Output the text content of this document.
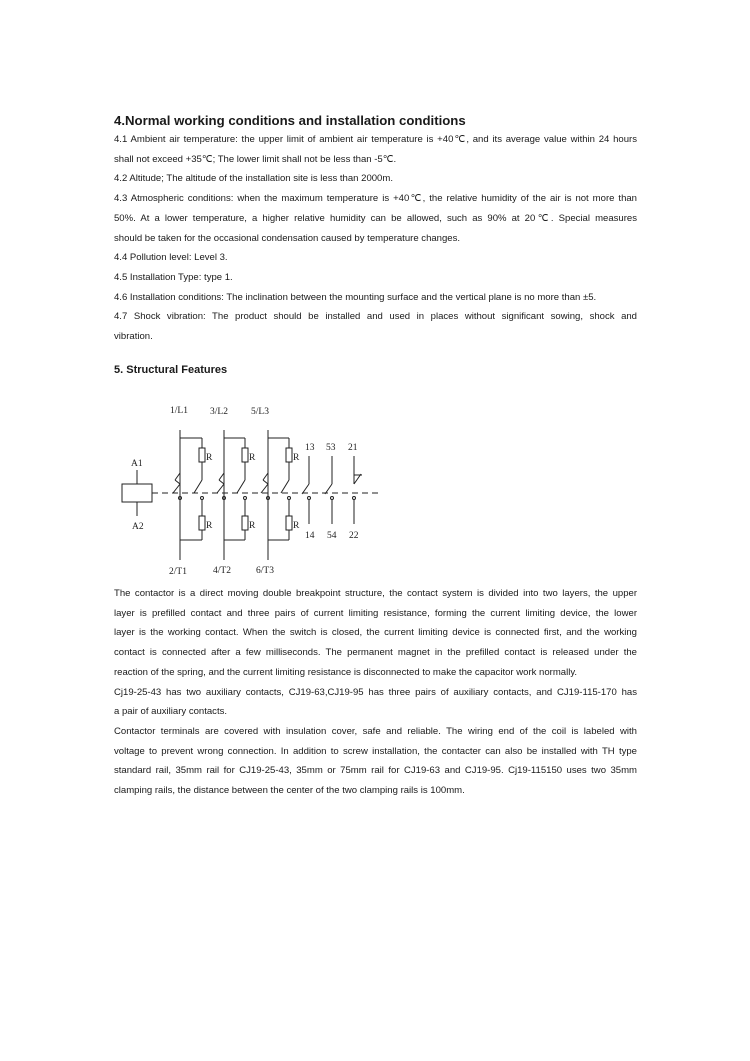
4.Normal working conditions and installation conditions

4.1 Ambient air temperature: the upper limit of ambient air temperature is +40℃, and its average value within 24 hours

shall not exceed +35℃; The lower limit shall not be less than -5℃.

4.2 Altitude; The altitude of the installation site is less than 2000m.

4.3 Atmospheric conditions: when the maximum temperature is +40℃, the relative humidity of the air is not more than

50%. At a lower temperature, a higher relative humidity can be allowed, such as 90% at 20℃. Special measures

should be taken for the occasional condensation caused by temperature changes.

4.4 Pollution level: Level 3.

4.5 Installation Type: type 1.

4.6 Installation conditions: The inclination between the mounting surface and the vertical plane is no more than ±5.

4.7 Shock vibration: The product should be installed and used in places without significant sowing, shock and

vibration.

5. Structural Features
1/L1 3/L2 5/L3
13 53 21
A1
A2
R	R	R
R	R	R
14 54 22
2/T1	4/T2	6/T3

The contactor is a direct moving double breakpoint structure, the contact system is divided into two layers, the upper

layer is prefilled contact and three pairs of current limiting resistance, forming the current limiting device, the lower

layer is the working contact. When the switch is closed, the current limiting device is connected first, and the working

contact is connected after a few milliseconds. The permanent magnet in the prefilled contact is released under the

reaction of the spring, and the current limiting resistance is disconnected to make the capacitor work normally.

Cj19-25-43 has two auxiliary contacts, CJ19-63,CJ19-95 has three pairs of auxiliary contacts, and CJ19-115-170 has

a pair of auxiliary contacts.

Contactor terminals are covered with insulation cover, safe and reliable. The wiring end of the coil is labeled with

voltage to prevent wrong connection. In addition to screw installation, the contacter can also be installed with TH type

standard rail, 35mm rail for CJ19-25-43, 35mm or 75mm rail for CJ19-63 and CJ19-95. Cj19-115150 uses two 35mm

clamping rails, the distance between the center of the two clamping rails is 100mm.
